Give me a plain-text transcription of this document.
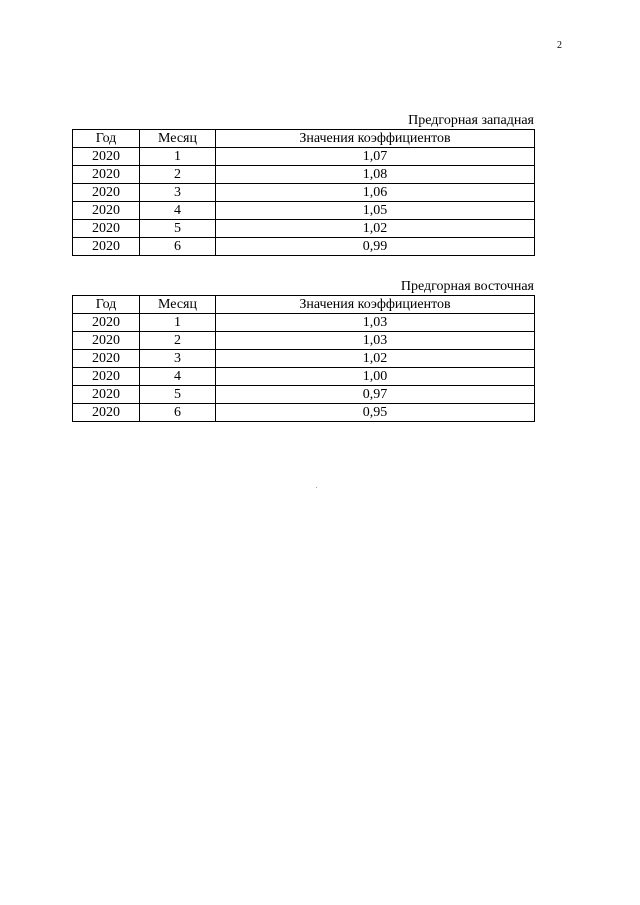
2
Предгорная западная
Год	Месяц	Значения коэффициентов
2020	1	1,07
2020	2	1,08
2020	3	1,06
2020	4	1,05
2020	5	1,02
2020	6	0,99
Предгорная восточная
Год	Месяц	Значения коэффициентов
2020	1	1,03
2020	2	1,03
2020	3	1,02
2020	4	1,00
2020	5	0,97
2020	6	0,95
